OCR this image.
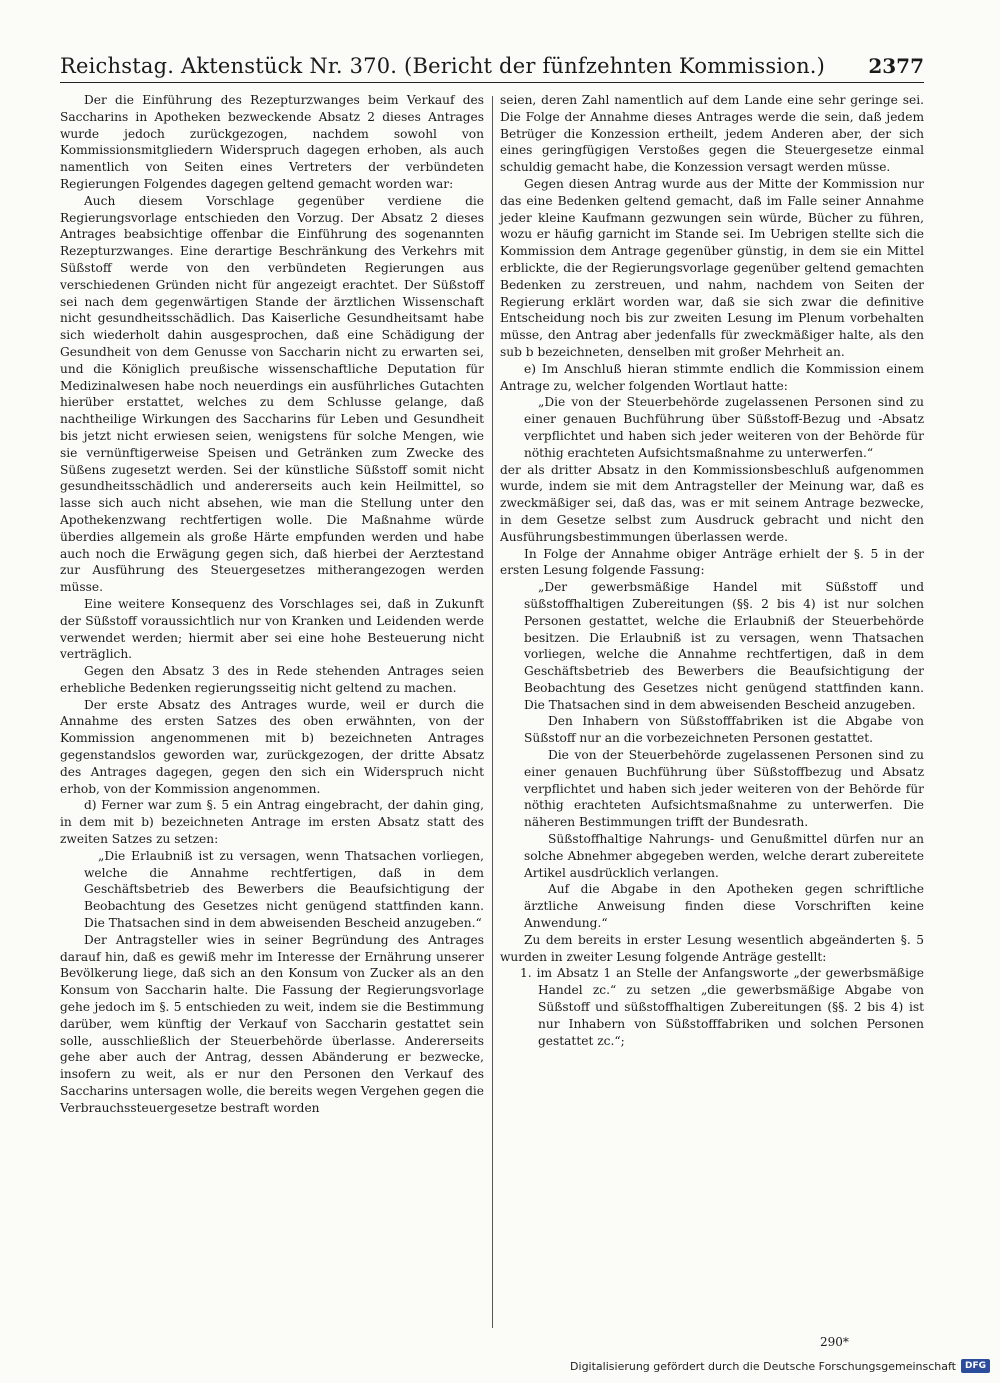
Reichstag. Aktenstück Nr. 370. (Bericht der fünfzehnten Kommission.) 2377

Der die Einführung des Rezepturzwanges beim Verkauf des Saccharins in Apotheken bezweckende Absatz 2 dieses Antrages wurde jedoch zurückgezogen, nachdem sowohl von Kommissionsmitgliedern Widerspruch dagegen erhoben, als auch namentlich von Seiten eines Vertreters der verbündeten Regierungen Folgendes dagegen geltend gemacht worden war:

Auch diesem Vorschlage gegenüber verdiene die Regierungsvorlage entschieden den Vorzug. Der Absatz 2 dieses Antrages beabsichtige offenbar die Einführung des sogenannten Rezepturzwanges. Eine derartige Beschränkung des Verkehrs mit Süßstoff werde von den verbündeten Regierungen aus verschiedenen Gründen nicht für angezeigt erachtet. Der Süßstoff sei nach dem gegenwärtigen Stande der ärztlichen Wissenschaft nicht gesundheitsschädlich. Das Kaiserliche Gesundheitsamt habe sich wiederholt dahin ausgesprochen, daß eine Schädigung der Gesundheit von dem Genusse von Saccharin nicht zu erwarten sei, und die Königlich preußische wissenschaftliche Deputation für Medizinalwesen habe noch neuerdings ein ausführliches Gutachten hierüber erstattet, welches zu dem Schlusse gelange, daß nachtheilige Wirkungen des Saccharins für Leben und Gesundheit bis jetzt nicht erwiesen seien, wenigstens für solche Mengen, wie sie vernünftigerweise Speisen und Getränken zum Zwecke des Süßens zugesetzt werden. Sei der künstliche Süßstoff somit nicht gesundheitsschädlich und andererseits auch kein Heilmittel, so lasse sich auch nicht absehen, wie man die Stellung unter den Apothekenzwang rechtfertigen wolle. Die Maßnahme würde überdies allgemein als große Härte empfunden werden und habe auch noch die Erwägung gegen sich, daß hierbei der Aerztestand zur Ausführung des Steuergesetzes mitherangezogen werden müsse.

Eine weitere Konsequenz des Vorschlages sei, daß in Zukunft der Süßstoff voraussichtlich nur von Kranken und Leidenden werde verwendet werden; hiermit aber sei eine hohe Besteuerung nicht verträglich.

Gegen den Absatz 3 des in Rede stehenden Antrages seien erhebliche Bedenken regierungsseitig nicht geltend zu machen.

Der erste Absatz des Antrages wurde, weil er durch die Annahme des ersten Satzes des oben erwähnten, von der Kommission angenommenen mit b) bezeichneten Antrages gegenstandslos geworden war, zurückgezogen, der dritte Absatz des Antrages dagegen, gegen den sich ein Widerspruch nicht erhob, von der Kommission angenommen.

d) Ferner war zum §. 5 ein Antrag eingebracht, der dahin ging, in dem mit b) bezeichneten Antrage im ersten Absatz statt des zweiten Satzes zu setzen:

„Die Erlaubniß ist zu versagen, wenn Thatsachen vorliegen, welche die Annahme rechtfertigen, daß in dem Geschäftsbetrieb des Bewerbers die Beaufsichtigung der Beobachtung des Gesetzes nicht genügend stattfinden kann. Die Thatsachen sind in dem abweisenden Bescheid anzugeben.“

Der Antragsteller wies in seiner Begründung des Antrages darauf hin, daß es gewiß mehr im Interesse der Ernährung unserer Bevölkerung liege, daß sich an den Konsum von Zucker als an den Konsum von Saccharin halte. Die Fassung der Regierungsvorlage gehe jedoch im §. 5 entschieden zu weit, indem sie die Bestimmung darüber, wem künftig der Verkauf von Saccharin gestattet sein solle, ausschließlich der Steuerbehörde überlasse. Andererseits gehe aber auch der Antrag, dessen Abänderung er bezwecke, insofern zu weit, als er nur den Personen den Verkauf des Saccharins untersagen wolle, die bereits wegen Vergehen gegen die Verbrauchssteuergesetze bestraft worden

seien, deren Zahl namentlich auf dem Lande eine sehr geringe sei. Die Folge der Annahme dieses Antrages werde die sein, daß jedem Betrüger die Konzession ertheilt, jedem Anderen aber, der sich eines geringfügigen Verstoßes gegen die Steuergesetze einmal schuldig gemacht habe, die Konzession versagt werden müsse.

Gegen diesen Antrag wurde aus der Mitte der Kommission nur das eine Bedenken geltend gemacht, daß im Falle seiner Annahme jeder kleine Kaufmann gezwungen sein würde, Bücher zu führen, wozu er häufig garnicht im Stande sei. Im Uebrigen stellte sich die Kommission dem Antrage gegenüber günstig, in dem sie ein Mittel erblickte, die der Regierungsvorlage gegenüber geltend gemachten Bedenken zu zerstreuen, und nahm, nachdem von Seiten der Regierung erklärt worden war, daß sie sich zwar die definitive Entscheidung noch bis zur zweiten Lesung im Plenum vorbehalten müsse, den Antrag aber jedenfalls für zweckmäßiger halte, als den sub b bezeichneten, denselben mit großer Mehrheit an.

e) Im Anschluß hieran stimmte endlich die Kommission einem Antrage zu, welcher folgenden Wortlaut hatte:

„Die von der Steuerbehörde zugelassenen Personen sind zu einer genauen Buchführung über Süßstoff-Bezug und -Absatz verpflichtet und haben sich jeder weiteren von der Behörde für nöthig erachteten Aufsichtsmaßnahme zu unterwerfen.“

der als dritter Absatz in den Kommissionsbeschluß aufgenommen wurde, indem sie mit dem Antragsteller der Meinung war, daß es zweckmäßiger sei, daß das, was er mit seinem Antrage bezwecke, in dem Gesetze selbst zum Ausdruck gebracht und nicht den Ausführungsbestimmungen überlassen werde.

In Folge der Annahme obiger Anträge erhielt der §. 5 in der ersten Lesung folgende Fassung:

„Der gewerbsmäßige Handel mit Süßstoff und süßstoffhaltigen Zubereitungen (§§. 2 bis 4) ist nur solchen Personen gestattet, welche die Erlaubniß der Steuerbehörde besitzen. Die Erlaubniß ist zu versagen, wenn Thatsachen vorliegen, welche die Annahme rechtfertigen, daß in dem Geschäftsbetrieb des Bewerbers die Beaufsichtigung der Beobachtung des Gesetzes nicht genügend stattfinden kann. Die Thatsachen sind in dem abweisenden Bescheid anzugeben.

Den Inhabern von Süßstofffabriken ist die Abgabe von Süßstoff nur an die vorbezeichneten Personen gestattet.

Die von der Steuerbehörde zugelassenen Personen sind zu einer genauen Buchführung über Süßstoffbezug und Absatz verpflichtet und haben sich jeder weiteren von der Behörde für nöthig erachteten Aufsichtsmaßnahme zu unterwerfen. Die näheren Bestimmungen trifft der Bundesrath.

Süßstoffhaltige Nahrungs- und Genußmittel dürfen nur an solche Abnehmer abgegeben werden, welche derart zubereitete Artikel ausdrücklich verlangen.

Auf die Abgabe in den Apotheken gegen schriftliche ärztliche Anweisung finden diese Vorschriften keine Anwendung.“

Zu dem bereits in erster Lesung wesentlich abgeänderten §. 5 wurden in zweiter Lesung folgende Anträge gestellt:

1. im Absatz 1 an Stelle der Anfangsworte „der gewerbsmäßige Handel zc.“ zu setzen „die gewerbsmäßige Abgabe von Süßstoff und süßstoffhaltigen Zubereitungen (§§. 2 bis 4) ist nur Inhabern von Süßstofffabriken und solchen Personen gestattet zc.“;

290*
Digitalisierung gefördert durch die Deutsche Forschungsgemeinschaft	DFG
